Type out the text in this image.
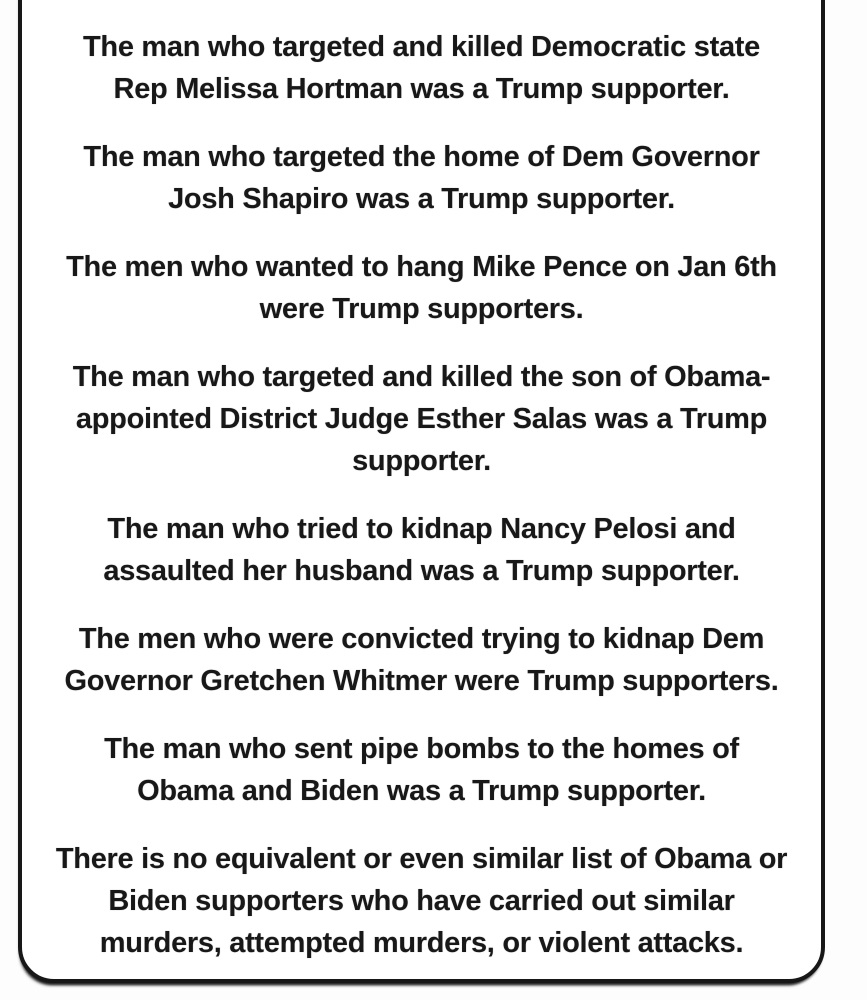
The man who targeted and killed Democratic state
Rep Melissa Hortman was a Trump supporter.
The man who targeted the home of Dem Governor
Josh Shapiro was a Trump supporter.
The men who wanted to hang Mike Pence on Jan 6th
were Trump supporters.
The man who targeted and killed the son of Obama-
appointed District Judge Esther Salas was a Trump
supporter.
The man who tried to kidnap Nancy Pelosi and
assaulted her husband was a Trump supporter.
The men who were convicted trying to kidnap Dem
Governor Gretchen Whitmer were Trump supporters.
The man who sent pipe bombs to the homes of
Obama and Biden was a Trump supporter.
There is no equivalent or even similar list of Obama or
Biden supporters who have carried out similar
murders, attempted murders, or violent attacks.
